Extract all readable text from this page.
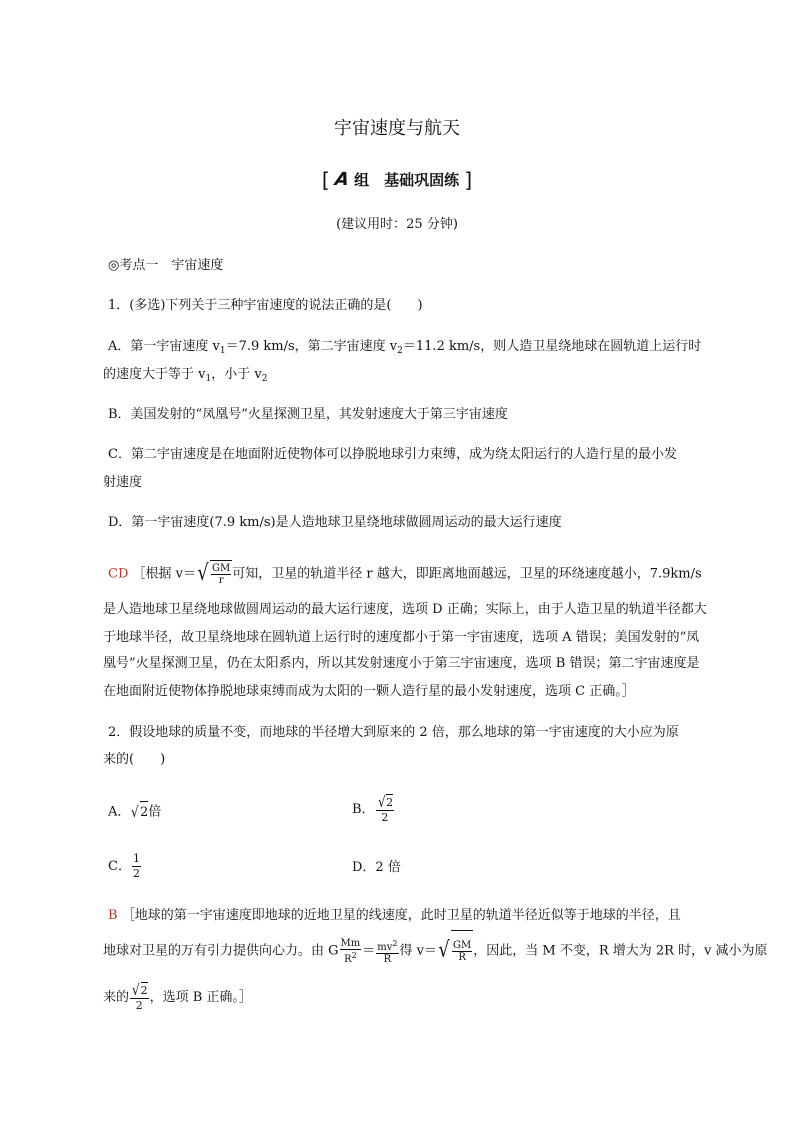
宇宙速度与航天
[ A 组　基础巩固练 ]
(建议用时：25 分钟)
◎考点一　宇宙速度
1．(多选)下列关于三种宇宙速度的说法正确的是(　　)
A．第一宇宙速度 $v_1=7.9$ km/s，第二宇宙速度 $v_2=11.2$ km/s，则人造卫星绕地球在圆轨道上运行时
的速度大于等于 $v_1$，小于 $v_2$
B．美国发射的“凤凰号”火星探测卫星，其发射速度大于第三宇宙速度
C．第二宇宙速度是在地面附近使物体可以挣脱地球引力束缚，成为绕太阳运行的人造行星的最小发
射速度
D．第一宇宙速度(7.9 km/s)是人造地球卫星绕地球做圆周运动的最大运行速度
CD ［根据 v＝ √ $\frac{GM}{r}$ 可知，卫星的轨道半径 r 越大，即距离地面越远，卫星的环绕速度越小，7.9km/s
是人造地球卫星绕地球做圆周运动的最大运行速度，选项 D 正确；实际上，由于人造卫星的轨道半径都大
于地球半径，故卫星绕地球在圆轨道上运行时的速度都小于第一宇宙速度，选项 A 错误；美国发射的“凤
凰号”火星探测卫星，仍在太阳系内，所以其发射速度小于第三宇宙速度，选项 B 错误；第二宇宙速度是
在地面附近使物体挣脱地球束缚而成为太阳的一颗人造行星的最小发射速度，选项 C 正确。］
2．假设地球的质量不变，而地球的半径增大到原来的 2 倍，那么地球的第一宇宙速度的大小应为原
来的(　　)
A． √ 2 倍	B． $\frac{√ 2}{2}$
C． $\frac{1}{2}$	D．2 倍
B ［地球的第一宇宙速度即地球的近地卫星的线速度，此时卫星的轨道半径近似等于地球的半径，且
地球对卫星的万有引力提供向心力。由 G $\frac{Mm}{R^2} = \frac{mv^2}{R}$ 得 v＝ √ $\frac{GM}{R}$ ，因此，当 M 不变，R 增大为 2R 时，v 减小为原
来的 $\frac{√ 2}{2}$ ，选项 B 正确。］
